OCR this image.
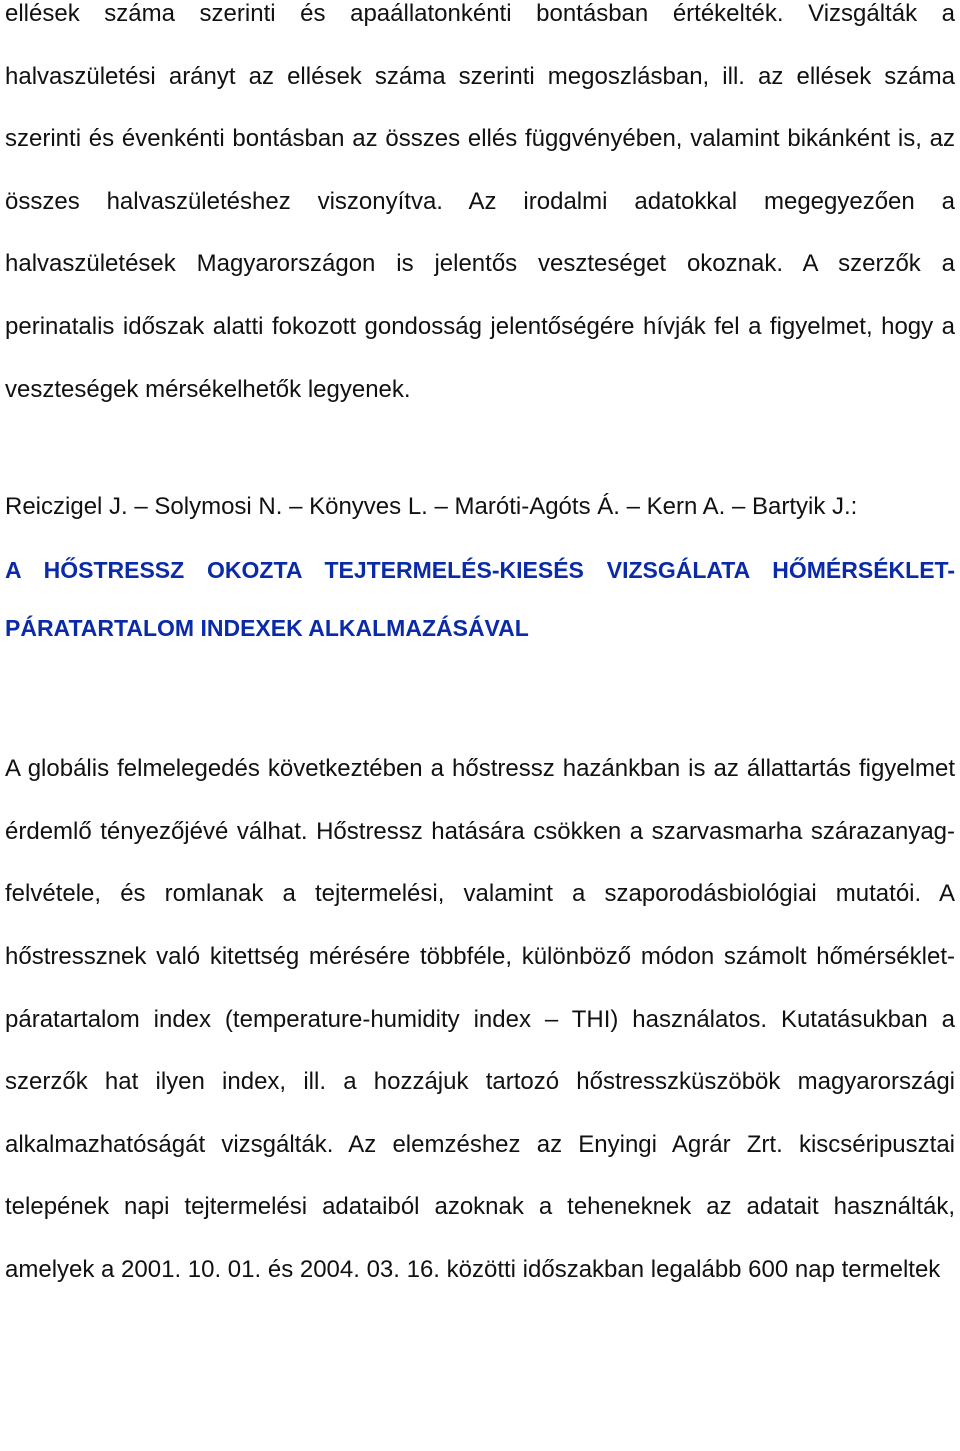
ellések száma szerinti és apaállatonkénti bontásban értékelték. Vizsgálták a halvaszületési arányt az ellések száma szerinti megoszlásban, ill. az ellések száma szerinti és évenkénti bontásban az összes ellés függvényében, valamint bikánként is, az összes halvaszületéshez viszonyítva. Az irodalmi adatokkal megegyezően a halvaszületések Magyarországon is jelentős veszteséget okoznak. A szerzők a perinatalis időszak alatti fokozott gondosság jelentőségére hívják fel a figyelmet, hogy a veszteségek mérsékelhetők legyenek.

Reiczigel J. – Solymosi N. – Könyves L. – Maróti-Agóts Á. – Kern A. – Bartyik J.:

A HŐSTRESSZ OKOZTA TEJTERMELÉS-KIESÉS VIZSGÁLATA HŐMÉRSÉKLET-PÁRATARTALOM INDEXEK ALKALMAZÁSÁVAL

A globális felmelegedés következtében a hőstressz hazánkban is az állattartás figyelmet érdemlő tényezőjévé válhat. Hőstressz hatására csökken a szarvasmarha szárazanyag-felvétele, és romlanak a tejtermelési, valamint a szaporodásbiológiai mutatói. A hőstressznek való kitettség mérésére többféle, különböző módon számolt hőmérséklet-páratartalom index (temperature-humidity index – THI) használatos. Kutatásukban a szerzők hat ilyen index, ill. a hozzájuk tartozó hőstresszküszöbök magyarországi alkalmazhatóságát vizsgálták. Az elemzéshez az Enyingi Agrár Zrt. kiscséripusztai telepének napi tejtermelési adataiból azoknak a teheneknek az adatait használták, amelyek a 2001. 10. 01. és 2004. 03. 16. közötti időszakban legalább 600 nap termeltek
